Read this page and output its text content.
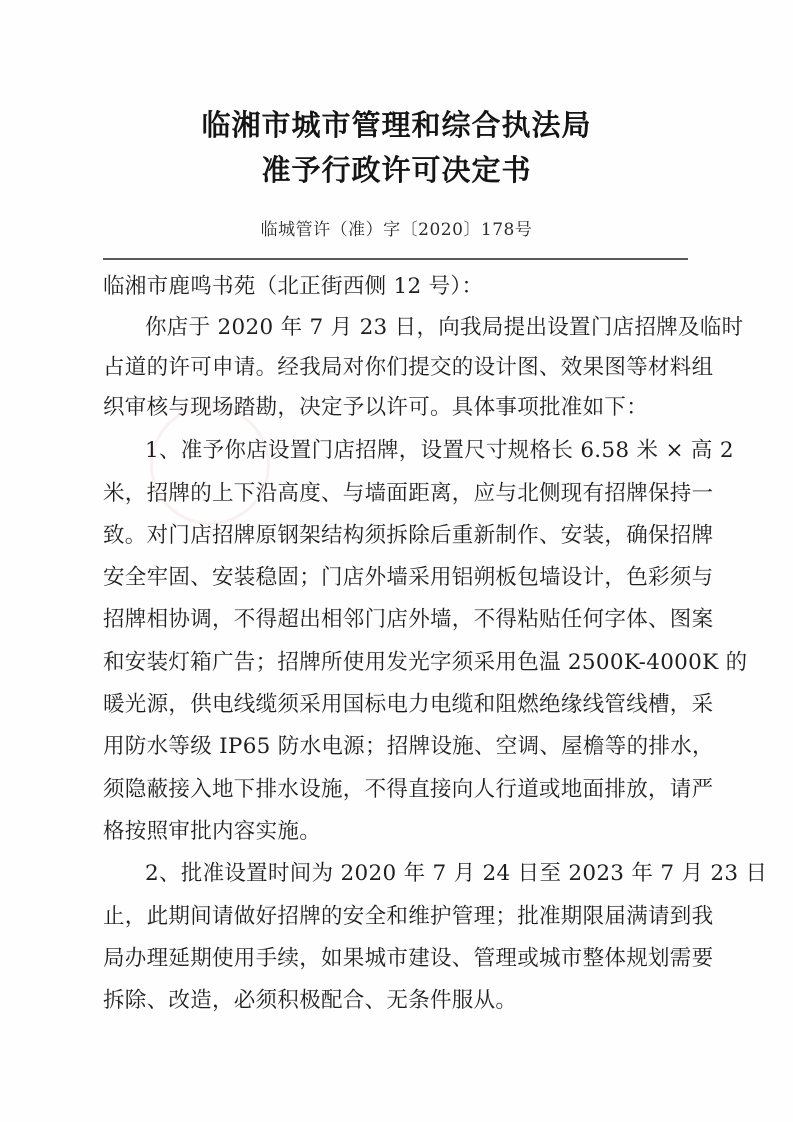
临湘市城市管理和综合执法局
准予行政许可决定书
临城管许（准）字〔2020〕178号
临湘市鹿鸣书苑（北正街西侧 12 号）：
你店于 2020 年 7 月 23 日，向我局提出设置门店招牌及临时
占道的许可申请。经我局对你们提交的设计图、效果图等材料组
织审核与现场踏勘，决定予以许可。具体事项批准如下：
1、准予你店设置门店招牌，设置尺寸规格长 6.58 米 × 高 2
米，招牌的上下沿高度、与墙面距离，应与北侧现有招牌保持一
致。对门店招牌原钢架结构须拆除后重新制作、安装，确保招牌
安全牢固、安装稳固；门店外墙采用铝朔板包墙设计，色彩须与
招牌相协调，不得超出相邻门店外墙，不得粘贴任何字体、图案
和安装灯箱广告；招牌所使用发光字须采用色温 2500K-4000K 的
暖光源，供电线缆须采用国标电力电缆和阻燃绝缘线管线槽，采
用防水等级 IP65 防水电源；招牌设施、空调、屋檐等的排水，
须隐蔽接入地下排水设施，不得直接向人行道或地面排放，请严
格按照审批内容实施。
2、批准设置时间为 2020 年 7 月 24 日至 2023 年 7 月 23 日
止，此期间请做好招牌的安全和维护管理；批准期限届满请到我
局办理延期使用手续，如果城市建设、管理或城市整体规划需要
拆除、改造，必须积极配合、无条件服从。
